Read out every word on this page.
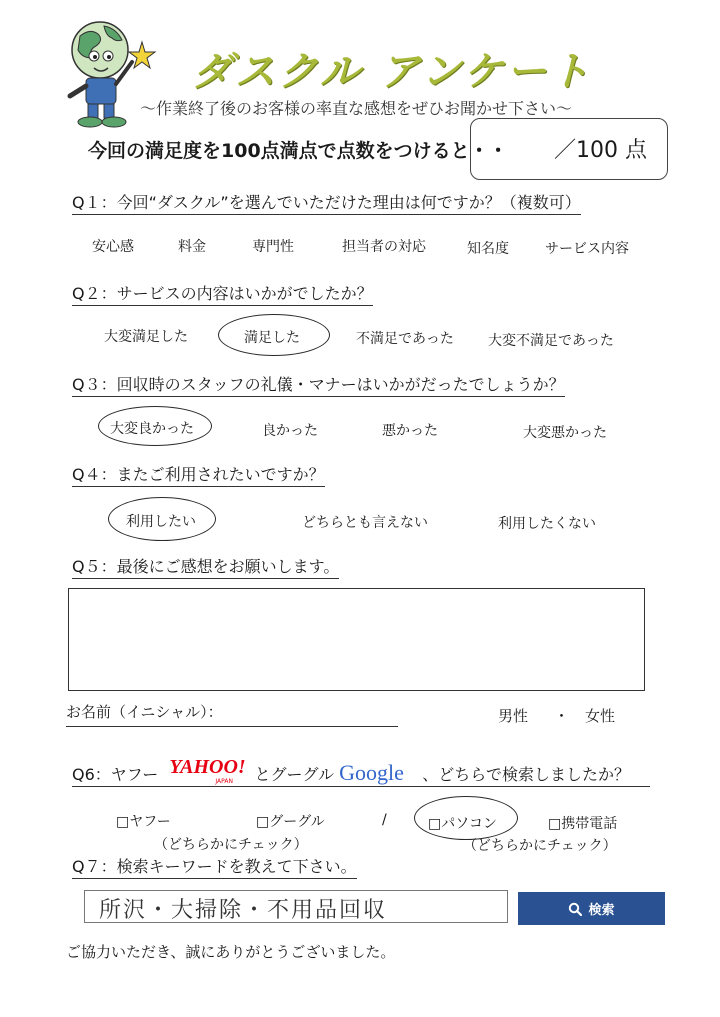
ダスクル アンケート
～作業終了後のお客様の率直な感想をぜひお聞かせ下さい～
今回の満足度を100点満点で点数をつけると・・ ／100 点
Q１：今回“ダスクル”を選んでいただけた理由は何ですか？（複数可）
安心感	料金	専門性	担当者の対応	知名度	サービス内容
Q２：サービスの内容はいかがでしたか？
大変満足した	満足した	不満足であった 大変不満足であった
Q３：回収時のスタッフの礼儀・マナーはいかがだったでしょうか？
大変良かった	良かった	悪かった	大変悪かった
Q４：またご利用されたいですか？
利用したい	どちらとも言えない	利用したくない
Q５：最後にご感想をお願いします。
お名前（イニシャル）：	男性 ・ 女性
Q6：ヤフー YAHOO!
JAPAN とグーグル Google 、どちらで検索しましたか？
□ヤフー	□グーグル
（どちらかにチェック）
/	□パソコン	□携帯電話
（どちらかにチェック）
Q７：検索キーワードを教えて下さい。
所沢・大掃除・不用品回収	検索
ご協力いただき、誠にありがとうございました。
